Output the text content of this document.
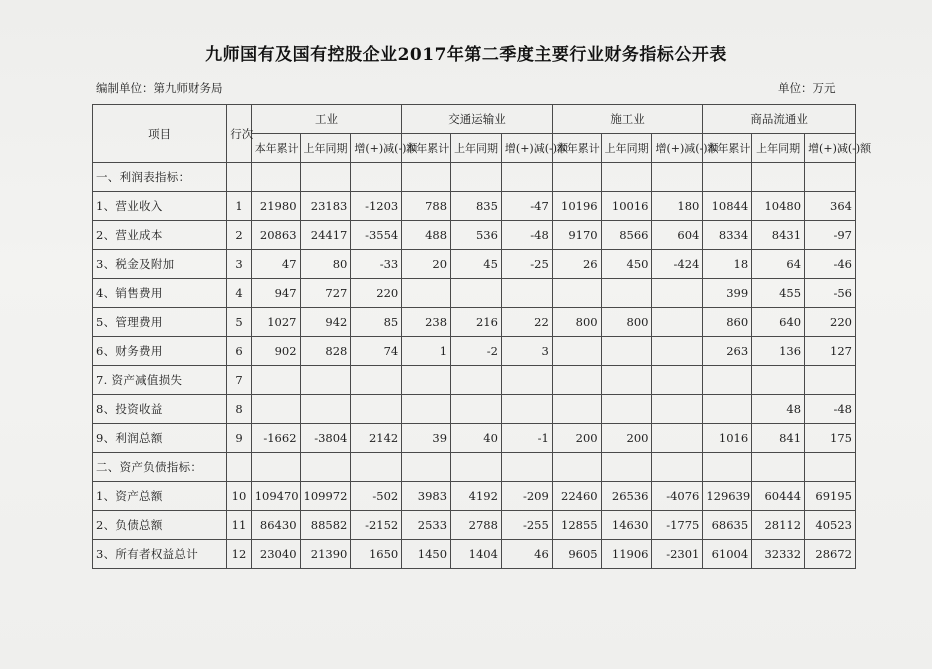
九师国有及国有控股企业2017年第二季度主要行业财务指标公开表
编制单位：第九师财务局	单位：万元
项目	行次	工业			交通运输业			施工业			商品流通业		
		本年累计	上年同期	增(+)减(-)额	本年累计	上年同期	增(+)减(-)额	本年累计	上年同期	增(+)减(-)额	本年累计	上年同期	增(+)减(-)额
一、利润表指标：													
1、营业收入	1	21980	23183	-1203	788	835	-47	10196	10016	180	10844	10480	364
2、营业成本	2	20863	24417	-3554	488	536	-48	9170	8566	604	8334	8431	-97
3、税金及附加	3	47	80	-33	20	45	-25	26	450	-424	18	64	-46
4、销售费用	4	947	727	220							399	455	-56
5、管理费用	5	1027	942	85	238	216	22	800	800		860	640	220
6、财务费用	6	902	828	74	1	-2	3				263	136	127
7. 资产减值损失	7												
8、投资收益	8											48	-48
9、利润总额	9	-1662	-3804	2142	39	40	-1	200	200		1016	841	175
二、资产负债指标：													
1、资产总额	10	109470	109972	-502	3983	4192	-209	22460	26536	-4076	129639	60444	69195
2、负债总额	11	86430	88582	-2152	2533	2788	-255	12855	14630	-1775	68635	28112	40523
3、所有者权益总计	12	23040	21390	1650	1450	1404	46	9605	11906	-2301	61004	32332	28672
